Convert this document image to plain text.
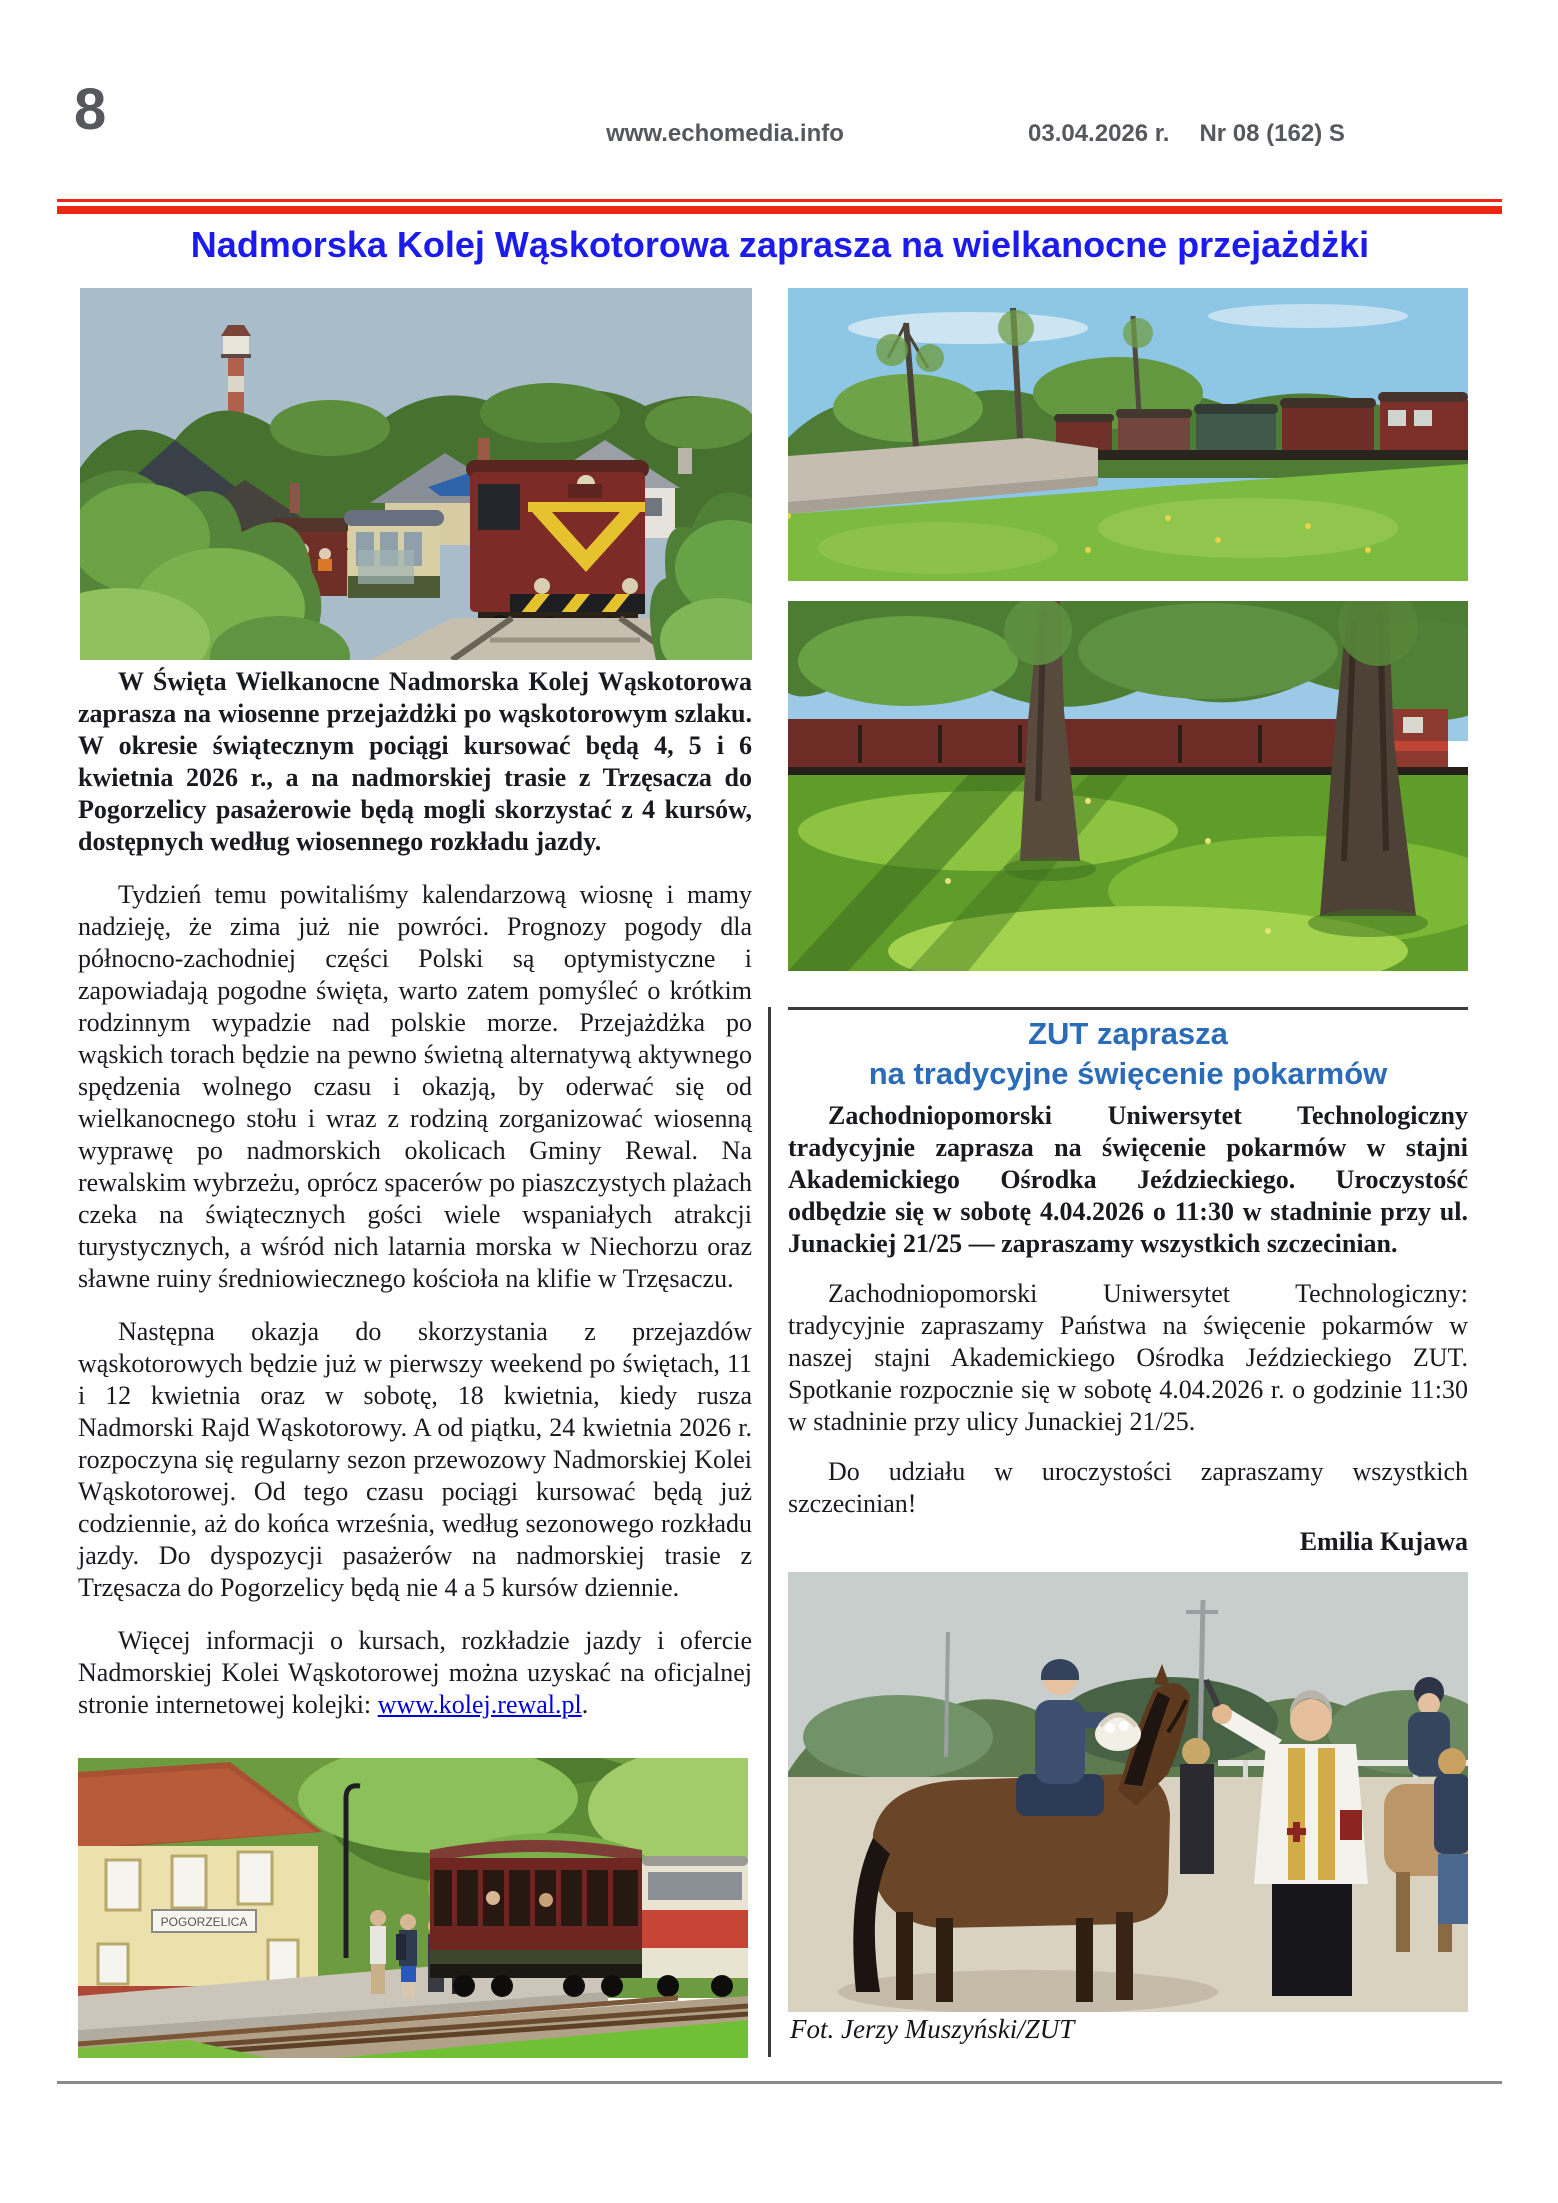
8	www.echomedia.info	03.04.2026 r. Nr 08 (162) S
Nadmorska Kolej Wąskotorowa zaprasza na wielkanocne przejażdżki

W Święta Wielkanocne Nadmorska Kolej Wąskotorowa zaprasza na wiosenne przejażdżki po wąskotorowym szlaku. W okresie świątecznym pociągi kursować będą 4, 5 i 6 kwietnia 2026 r., a na nadmorskiej trasie z Trzęsacza do Pogorzelicy pasażerowie będą mogli skorzystać z 4 kursów, dostępnych według wiosennego rozkładu jazdy.

Tydzień temu powitaliśmy kalendarzową wiosnę i mamy nadzieję, że zima już nie powróci. Prognozy pogody dla północno-zachodniej części Polski są optymistyczne i zapowiadają pogodne święta, warto zatem pomyśleć o krótkim rodzinnym wypadzie nad polskie morze. Przejażdżka po wąskich torach będzie na pewno świetną alternatywą aktywnego spędzenia wolnego czasu i okazją, by oderwać się od wielkanocnego stołu i wraz z rodziną zorganizować wiosenną wyprawę po nadmorskich okolicach Gminy Rewal. Na rewalskim wybrzeżu, oprócz spacerów po piaszczystych plażach czeka na świątecznych gości wiele wspaniałych atrakcji turystycznych, a wśród nich latarnia morska w Niechorzu oraz sławne ruiny średniowiecznego kościoła na klifie w Trzęsaczu.

Następna okazja do skorzystania z przejazdów wąskotorowych będzie już w pierwszy weekend po świętach, 11 i 12 kwietnia oraz w sobotę, 18 kwietnia, kiedy rusza Nadmorski Rajd Wąskotorowy. A od piątku, 24 kwietnia 2026 r. rozpoczyna się regularny sezon przewozowy Nadmorskiej Kolei Wąskotorowej. Od tego czasu pociągi kursować będą już codziennie, aż do końca września, według sezonowego rozkładu jazdy. Do dyspozycji pasażerów na nadmorskiej trasie z Trzęsacza do Pogorzelicy będą nie 4 a 5 kursów dziennie.

Więcej informacji o kursach, rozkładzie jazdy i ofercie Nadmorskiej Kolei Wąskotorowej można uzyskać na oficjalnej stronie internetowej kolejki: www.kolej.rewal.pl.

POGORZELICA
ZUT zaprasza
na tradycyjne święcenie pokarmów

Zachodniopomorski Uniwersytet Technologiczny tradycyjnie zaprasza na święcenie pokarmów w stajni Akademickiego Ośrodka Jeździeckiego. Uroczystość odbędzie się w sobotę 4.04.2026 o 11:30 w stadninie przy ul. Junackiej 21/25 — zapraszamy wszystkich szczecinian.

Zachodniopomorski Uniwersytet Technologiczny: tradycyjnie zapraszamy Państwa na święcenie pokarmów w naszej stajni Akademickiego Ośrodka Jeździeckiego ZUT. Spotkanie rozpocznie się w sobotę 4.04.2026 r. o godzinie 11:30 w stadninie przy ulicy Junackiej 21/25.

Do udziału w uroczystości zapraszamy wszystkich szczecinian!

Emilia Kujawa

Fot. Jerzy Muszyński/ZUT
